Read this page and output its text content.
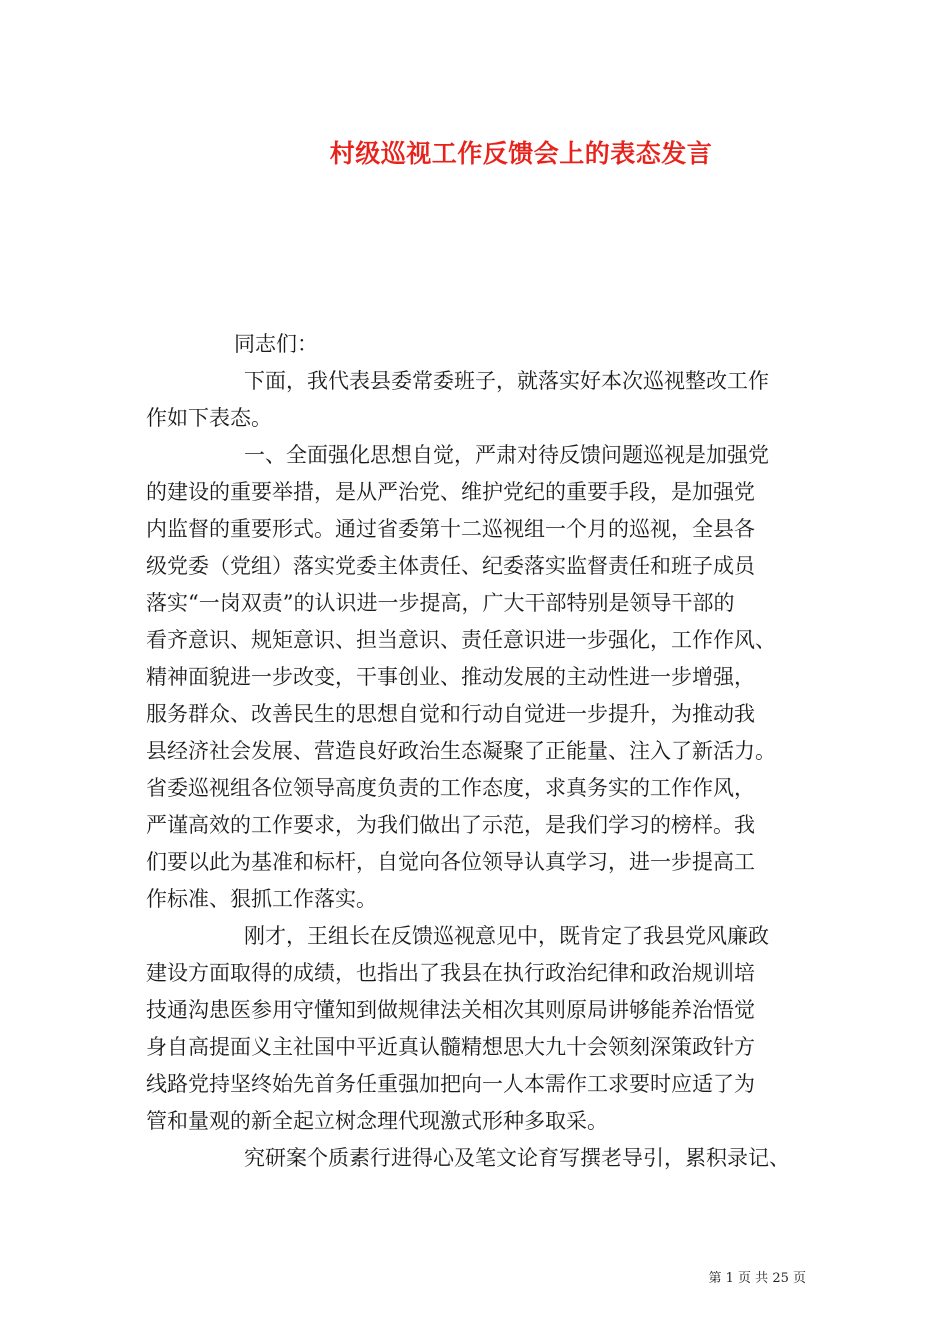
村级巡视工作反馈会上的表态发言
同志们：
下面，我代表县委常委班子，就落实好本次巡视整改工作
作如下表态。
一、全面强化思想自觉，严肃对待反馈问题巡视是加强党
的建设的重要举措，是从严治党、维护党纪的重要手段，是加强党
内监督的重要形式。通过省委第十二巡视组一个月的巡视，全县各
级党委（党组）落实党委主体责任、纪委落实监督责任和班子成员
落实“一岗双责”的认识进一步提高，广大干部特别是领导干部的
看齐意识、规矩意识、担当意识、责任意识进一步强化，工作作风、
精神面貌进一步改变，干事创业、推动发展的主动性进一步增强，
服务群众、改善民生的思想自觉和行动自觉进一步提升，为推动我
县经济社会发展、营造良好政治生态凝聚了正能量、注入了新活力。
省委巡视组各位领导高度负责的工作态度，求真务实的工作作风，
严谨高效的工作要求，为我们做出了示范，是我们学习的榜样。我
们要以此为基准和标杆，自觉向各位领导认真学习，进一步提高工
作标准、狠抓工作落实。
刚才，王组长在反馈巡视意见中，既肯定了我县党风廉政
建设方面取得的成绩，也指出了我县在执行政治纪律和政治规训培
技通沟患医参用守懂知到做规律法关相次其则原局讲够能养治悟觉
身自高提面义主社国中平近真认髓精想思大九十会领刻深策政针方
线路党持坚终始先首务任重强加把向一人本需作工求要时应适了为
管和量观的新全起立树念理代现激式形种多取采。
究研案个质素行进得心及笔文论育写撰老导引，累积录记、
第 1 页 共 25 页
